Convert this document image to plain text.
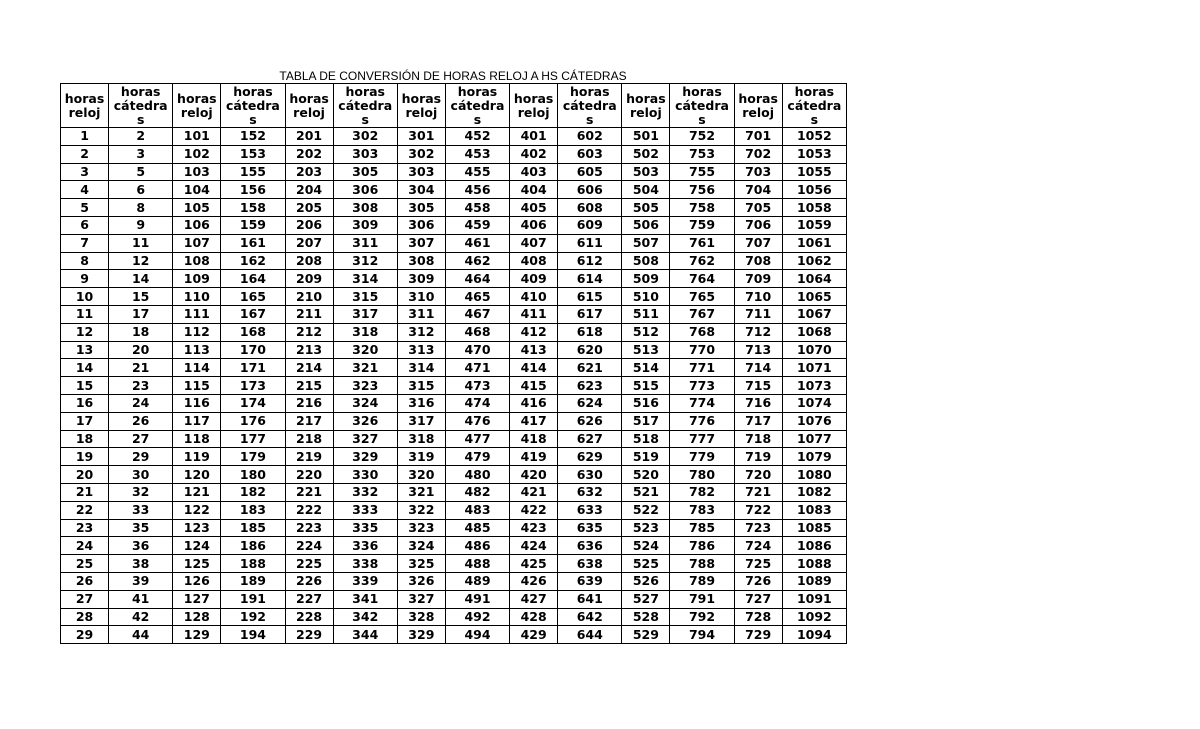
TABLA DE CONVERSIÓN DE HORAS RELOJ A HS CÁTEDRAS
horas
reloj	horas
cátedra
s	horas
reloj	horas
cátedra
s	horas
reloj	horas
cátedra
s	horas
reloj	horas
cátedra
s	horas
reloj	horas
cátedra
s	horas
reloj	horas
cátedra
s	horas
reloj	horas
cátedra
s

1	2	101	152	201	302	301	452	401	602	501	752	701	1052
2	3	102	153	202	303	302	453	402	603	502	753	702	1053
3	5	103	155	203	305	303	455	403	605	503	755	703	1055
4	6	104	156	204	306	304	456	404	606	504	756	704	1056
5	8	105	158	205	308	305	458	405	608	505	758	705	1058
6	9	106	159	206	309	306	459	406	609	506	759	706	1059
7	11	107	161	207	311	307	461	407	611	507	761	707	1061
8	12	108	162	208	312	308	462	408	612	508	762	708	1062
9	14	109	164	209	314	309	464	409	614	509	764	709	1064
10	15	110	165	210	315	310	465	410	615	510	765	710	1065
11	17	111	167	211	317	311	467	411	617	511	767	711	1067
12	18	112	168	212	318	312	468	412	618	512	768	712	1068
13	20	113	170	213	320	313	470	413	620	513	770	713	1070
14	21	114	171	214	321	314	471	414	621	514	771	714	1071
15	23	115	173	215	323	315	473	415	623	515	773	715	1073
16	24	116	174	216	324	316	474	416	624	516	774	716	1074
17	26	117	176	217	326	317	476	417	626	517	776	717	1076
18	27	118	177	218	327	318	477	418	627	518	777	718	1077
19	29	119	179	219	329	319	479	419	629	519	779	719	1079
20	30	120	180	220	330	320	480	420	630	520	780	720	1080
21	32	121	182	221	332	321	482	421	632	521	782	721	1082
22	33	122	183	222	333	322	483	422	633	522	783	722	1083
23	35	123	185	223	335	323	485	423	635	523	785	723	1085
24	36	124	186	224	336	324	486	424	636	524	786	724	1086
25	38	125	188	225	338	325	488	425	638	525	788	725	1088
26	39	126	189	226	339	326	489	426	639	526	789	726	1089
27	41	127	191	227	341	327	491	427	641	527	791	727	1091
28	42	128	192	228	342	328	492	428	642	528	792	728	1092
29	44	129	194	229	344	329	494	429	644	529	794	729	1094
